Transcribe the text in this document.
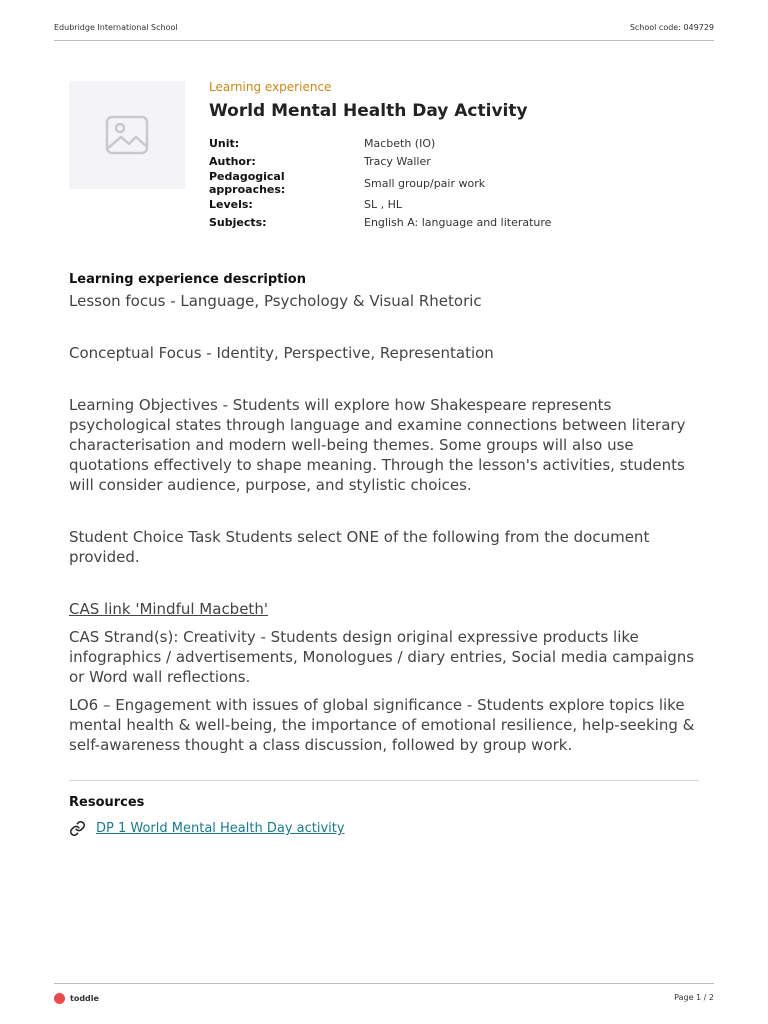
Edubridge International School	School code: 049729
Learning experience
World Mental Health Day Activity
Unit:	Macbeth (IO)
Author:	Tracy Waller
Pedagogical approaches:	Small group/pair work
Levels:	SL , HL
Subjects:	English A: language and literature
Learning experience description
Lesson focus - Language, Psychology & Visual Rhetoric
Conceptual Focus - Identity, Perspective, Representation
Learning Objectives - Students will explore how Shakespeare represents psychological states through language and examine connections between literary characterisation and modern well-being themes. Some groups will also use quotations effectively to shape meaning. Through the lesson's activities, students will consider audience, purpose, and stylistic choices.
Student Choice Task Students select ONE of the following from the document provided.
CAS link 'Mindful Macbeth'
CAS Strand(s): Creativity - Students design original expressive products like infographics / advertisements, Monologues / diary entries, Social media campaigns or Word wall reflections.
LO6 – Engagement with issues of global significance - Students explore topics like mental health & well-being, the importance of emotional resilience, help-seeking & self-awareness thought a class discussion, followed by group work.
Resources
DP 1 World Mental Health Day activity
toddle	Page 1 / 2
